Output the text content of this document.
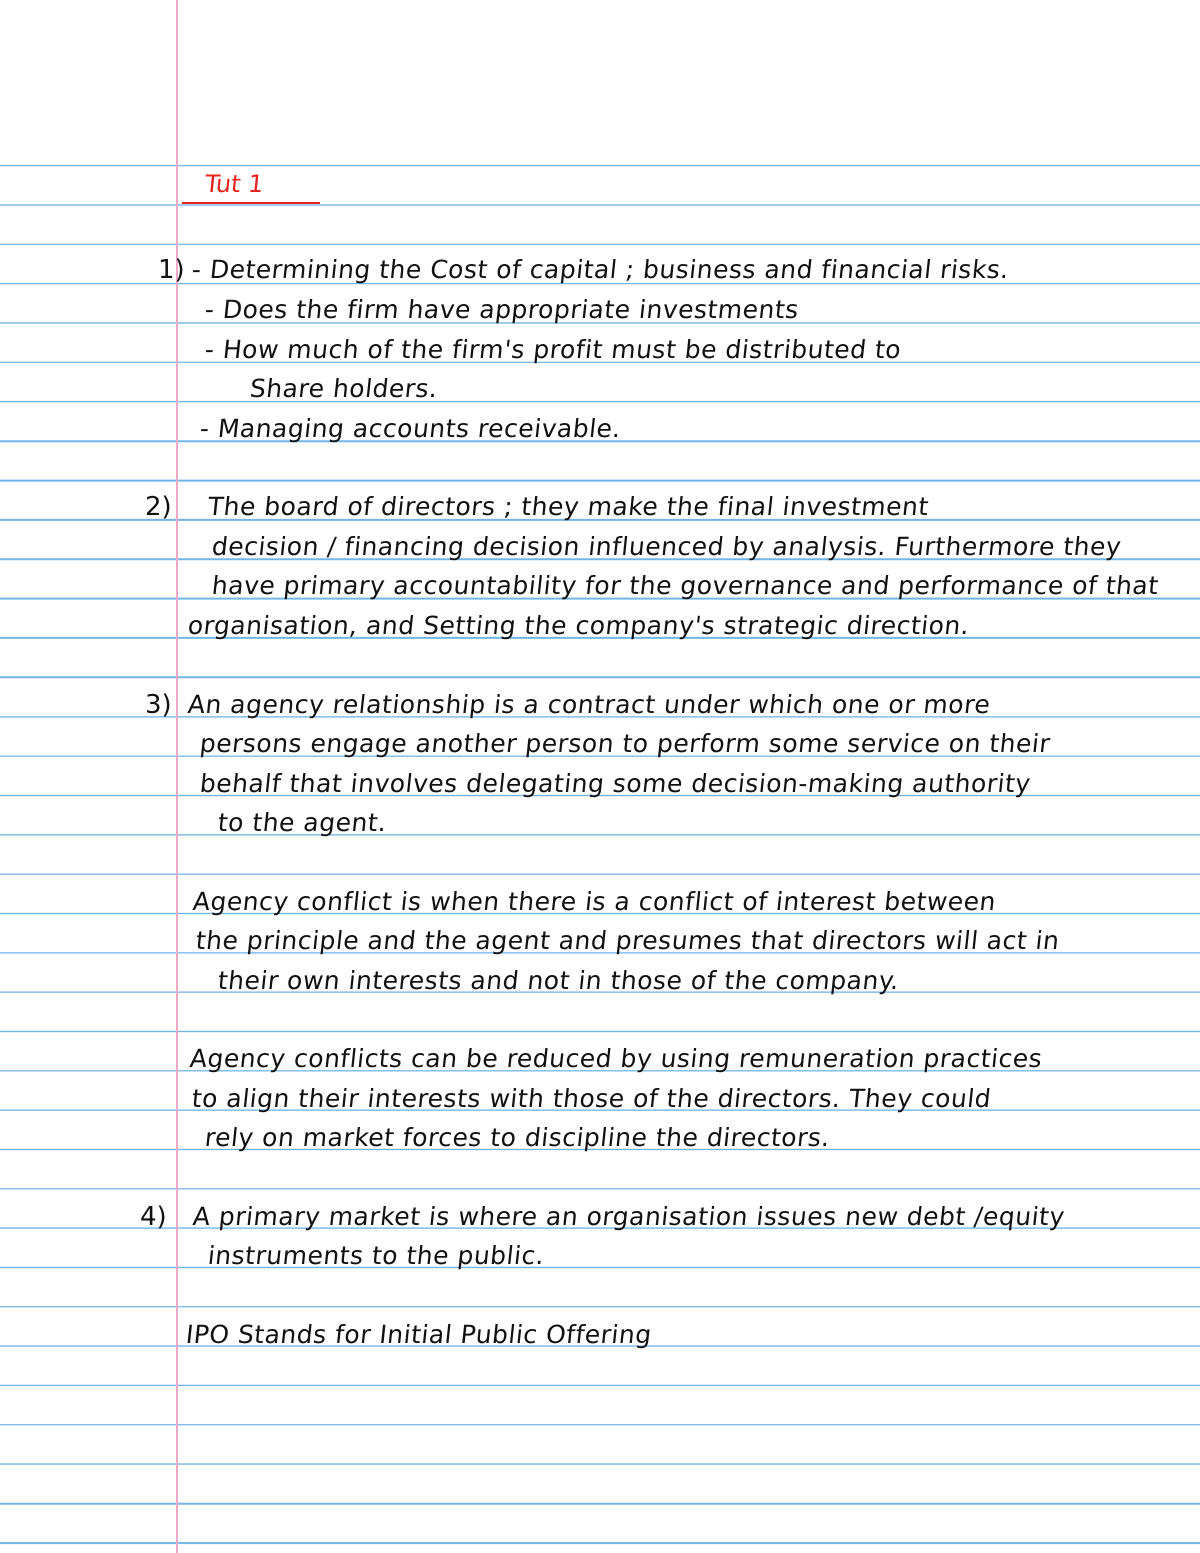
Tut 1
1) - Determining the Cost of capital ; business and financial risks.
- Does the firm have appropriate investments
- How much of the firm's profit must be distributed to
Share holders.
- Managing accounts receivable.
2) The board of directors ; they make the final investment
decision / financing decision influenced by analysis. Furthermore they
have primary accountability for the governance and performance of that
organisation, and Setting the company's strategic direction.
3) An agency relationship is a contract under which one or more
persons engage another person to perform some service on their
behalf that involves delegating some decision-making authority
to the agent.
Agency conflict is when there is a conflict of interest between
the principle and the agent and presumes that directors will act in
their own interests and not in those of the company.
Agency conflicts can be reduced by using remuneration practices
to align their interests with those of the directors. They could
rely on market forces to discipline the directors.
4) A primary market is where an organisation issues new debt /equity
instruments to the public.
IPO Stands for Initial Public Offering
